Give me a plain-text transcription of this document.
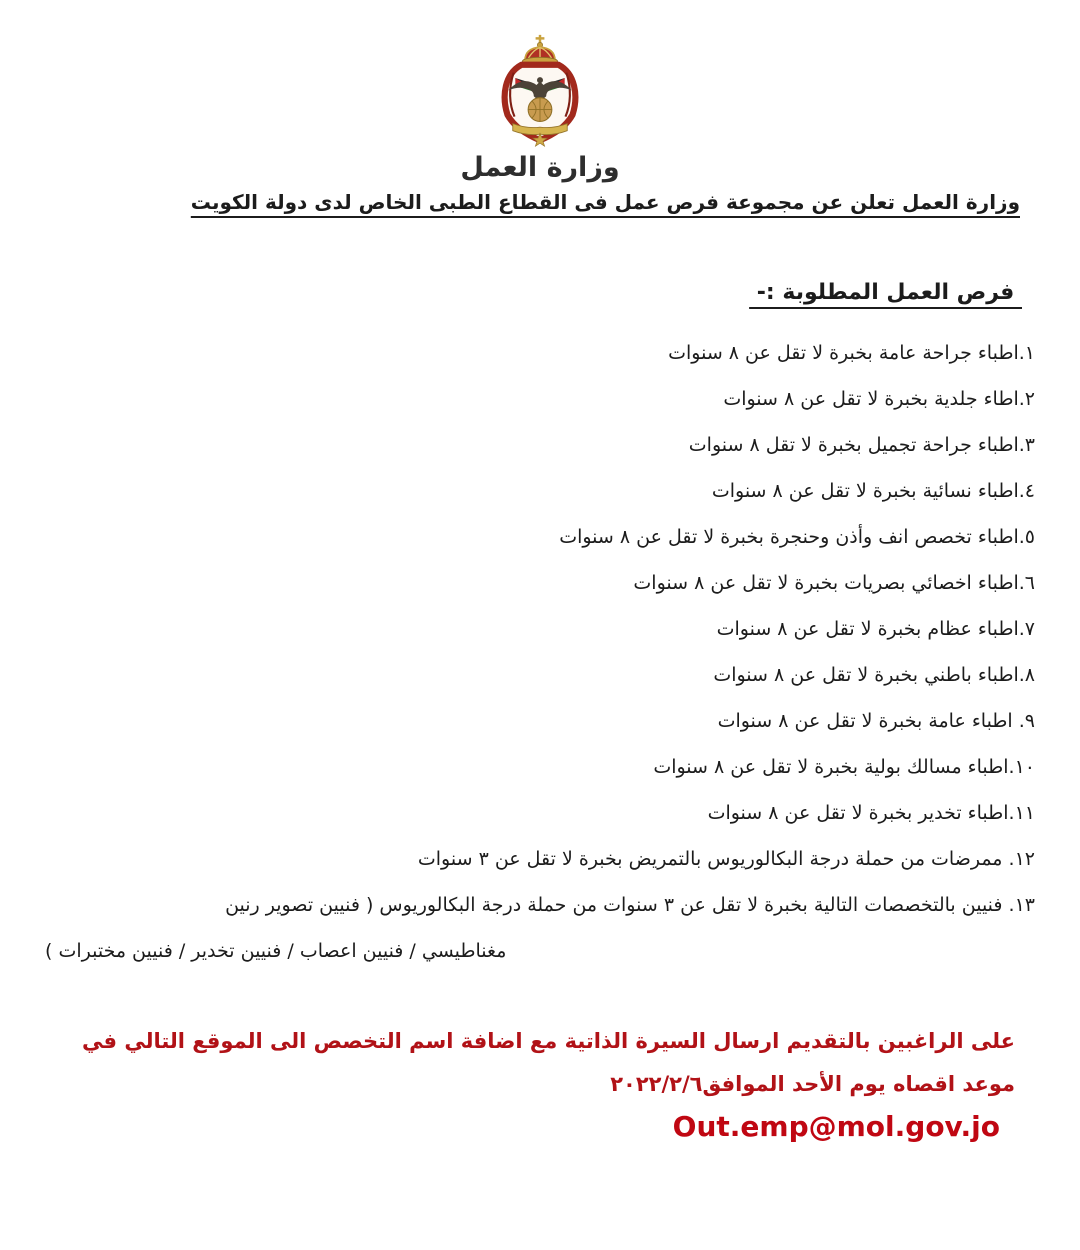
وزارة العمل
وزارة العمل تعلن عن مجموعة فرص عمل فى القطاع الطبى الخاص لدى دولة الكويت
فرص العمل المطلوبة :-
١.اطباء جراحة عامة بخبرة لا تقل عن ٨ سنوات
٢.اطاء جلدية بخبرة لا تقل عن ٨ سنوات
٣.اطباء جراحة تجميل بخبرة لا تقل ٨ سنوات
٤.اطباء نسائية بخبرة لا تقل عن ٨ سنوات
٥.اطباء تخصص انف وأذن وحنجرة بخبرة لا تقل عن ٨ سنوات
٦.اطباء اخصائي بصريات بخبرة لا تقل عن ٨ سنوات
٧.اطباء عظام بخبرة لا تقل عن ٨ سنوات
٨.اطباء باطني بخبرة لا تقل عن ٨ سنوات
٩. اطباء عامة بخبرة لا تقل عن ٨ سنوات
١٠.اطباء مسالك بولية بخبرة لا تقل عن ٨ سنوات
١١.اطباء تخدير بخبرة لا تقل عن ٨ سنوات
١٢. ممرضات من حملة درجة البكالوريوس بالتمريض بخبرة لا تقل عن ٣ سنوات
١٣. فنيين بالتخصصات التالية بخبرة لا تقل عن ٣ سنوات من حملة درجة البكالوريوس ( فنيين تصوير رنين
مغناطيسي / فنيين اعصاب / فنيين تخدير / فنيين مختبرات )
على الراغبين بالتقديم ارسال السيرة الذاتية مع اضافة اسم التخصص الى الموقع التالي في
موعد اقصاه يوم الأحد الموافق٢٠٢٢/٢/٦
Out.emp@mol.gov.jo
